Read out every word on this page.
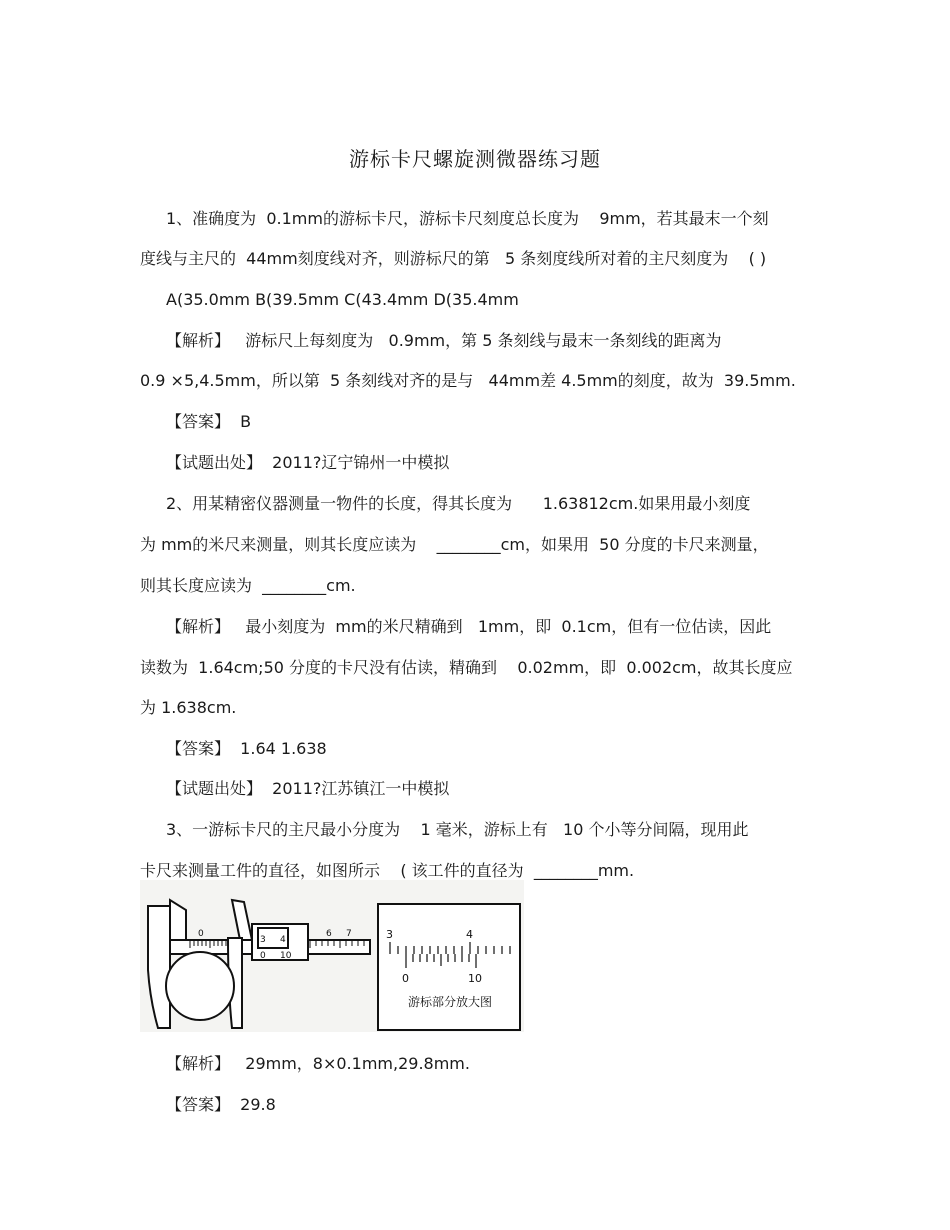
游标卡尺螺旋测微器练习题
1、准确度为  0.1mm的游标卡尺，游标卡尺刻度总长度为    9mm，若其最末一个刻
度线与主尺的  44mm刻度线对齐，则游标尺的第   5 条刻度线所对着的主尺刻度为    ( )
A(35.0mm B(39.5mm C(43.4mm D(35.4mm
【解析】   游标尺上每刻度为   0.9mm，第 5 条刻线与最末一条刻线的距离为
0.9 ×5,4.5mm，所以第  5 条刻线对齐的是与   44mm差 4.5mm的刻度，故为  39.5mm.
【答案】  B
【试题出处】  2011?辽宁锦州一中模拟
2、用某精密仪器测量一物件的长度，得其长度为      1.63812cm.如果用最小刻度
为 mm的米尺来测量，则其长度应读为    ________cm，如果用  50 分度的卡尺来测量，
则其长度应读为  ________cm.
【解析】   最小刻度为  mm的米尺精确到   1mm，即  0.1cm，但有一位估读，因此
读数为  1.64cm;50 分度的卡尺没有估读，精确到    0.02mm，即  0.002cm，故其长度应
为 1.638cm.
【答案】  1.64 1.638
【试题出处】  2011?江苏镇江一中模拟
3、一游标卡尺的主尺最小分度为    1 毫米，游标上有   10 个小等分间隔，现用此
卡尺来测量工件的直径，如图所示    ( 该工件的直径为  ________mm.
0
3 4
6 7
0 10
3	4
0	10
游标部分放大图
【解析】   29mm，8×0.1mm,29.8mm.
【答案】  29.8
